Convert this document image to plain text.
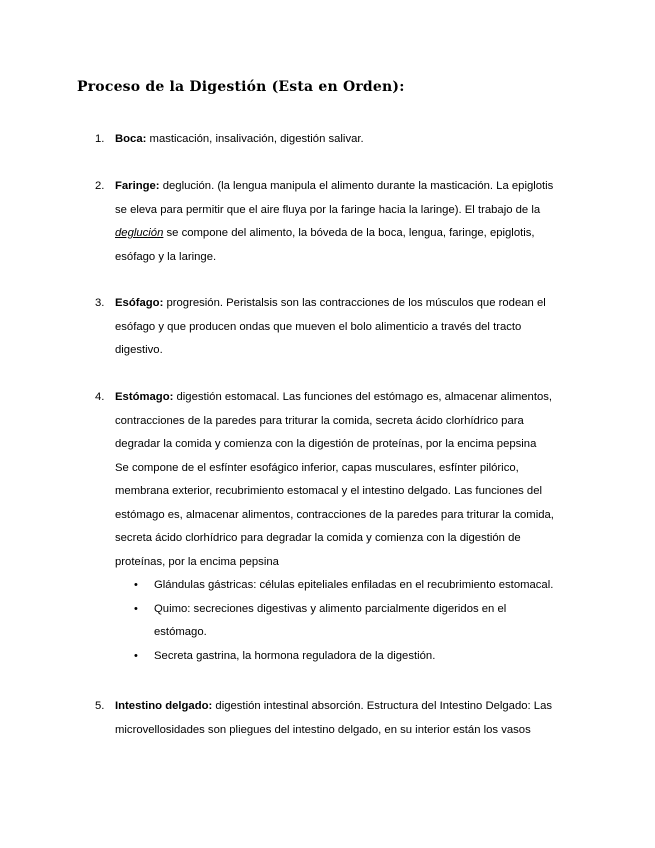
Proceso de la Digestión (Esta en Orden):
1. Boca: masticación, insalivación, digestión salivar.
2. Faringe: deglución. (la lengua manipula el alimento durante la masticación. La epiglotis
se eleva para permitir que el aire fluya por la faringe hacia la laringe). El trabajo de la
deglución se compone del alimento, la bóveda de la boca, lengua, faringe, epiglotis,
esófago y la laringe.
3. Esófago: progresión. Peristalsis son las contracciones de los músculos que rodean el
esófago y que producen ondas que mueven el bolo alimenticio a través del tracto
digestivo.
4. Estómago: digestión estomacal. Las funciones del estómago es, almacenar alimentos,
contracciones de la paredes para triturar la comida, secreta ácido clorhídrico para
degradar la comida y comienza con la digestión de proteínas, por la encima pepsina
Se compone de el esfínter esofágico inferior, capas musculares, esfínter pilórico,
membrana exterior, recubrimiento estomacal y el intestino delgado. Las funciones del
estómago es, almacenar alimentos, contracciones de la paredes para triturar la comida,
secreta ácido clorhídrico para degradar la comida y comienza con la digestión de
proteínas, por la encima pepsina
• Glándulas gástricas: células epiteliales enfiladas en el recubrimiento estomacal.
• Quimo: secreciones digestivas y alimento parcialmente digeridos en el
estómago.
• Secreta gastrina, la hormona reguladora de la digestión.
5. Intestino delgado: digestión intestinal absorción. Estructura del Intestino Delgado: Las
microvellosidades son pliegues del intestino delgado, en su interior están los vasos
